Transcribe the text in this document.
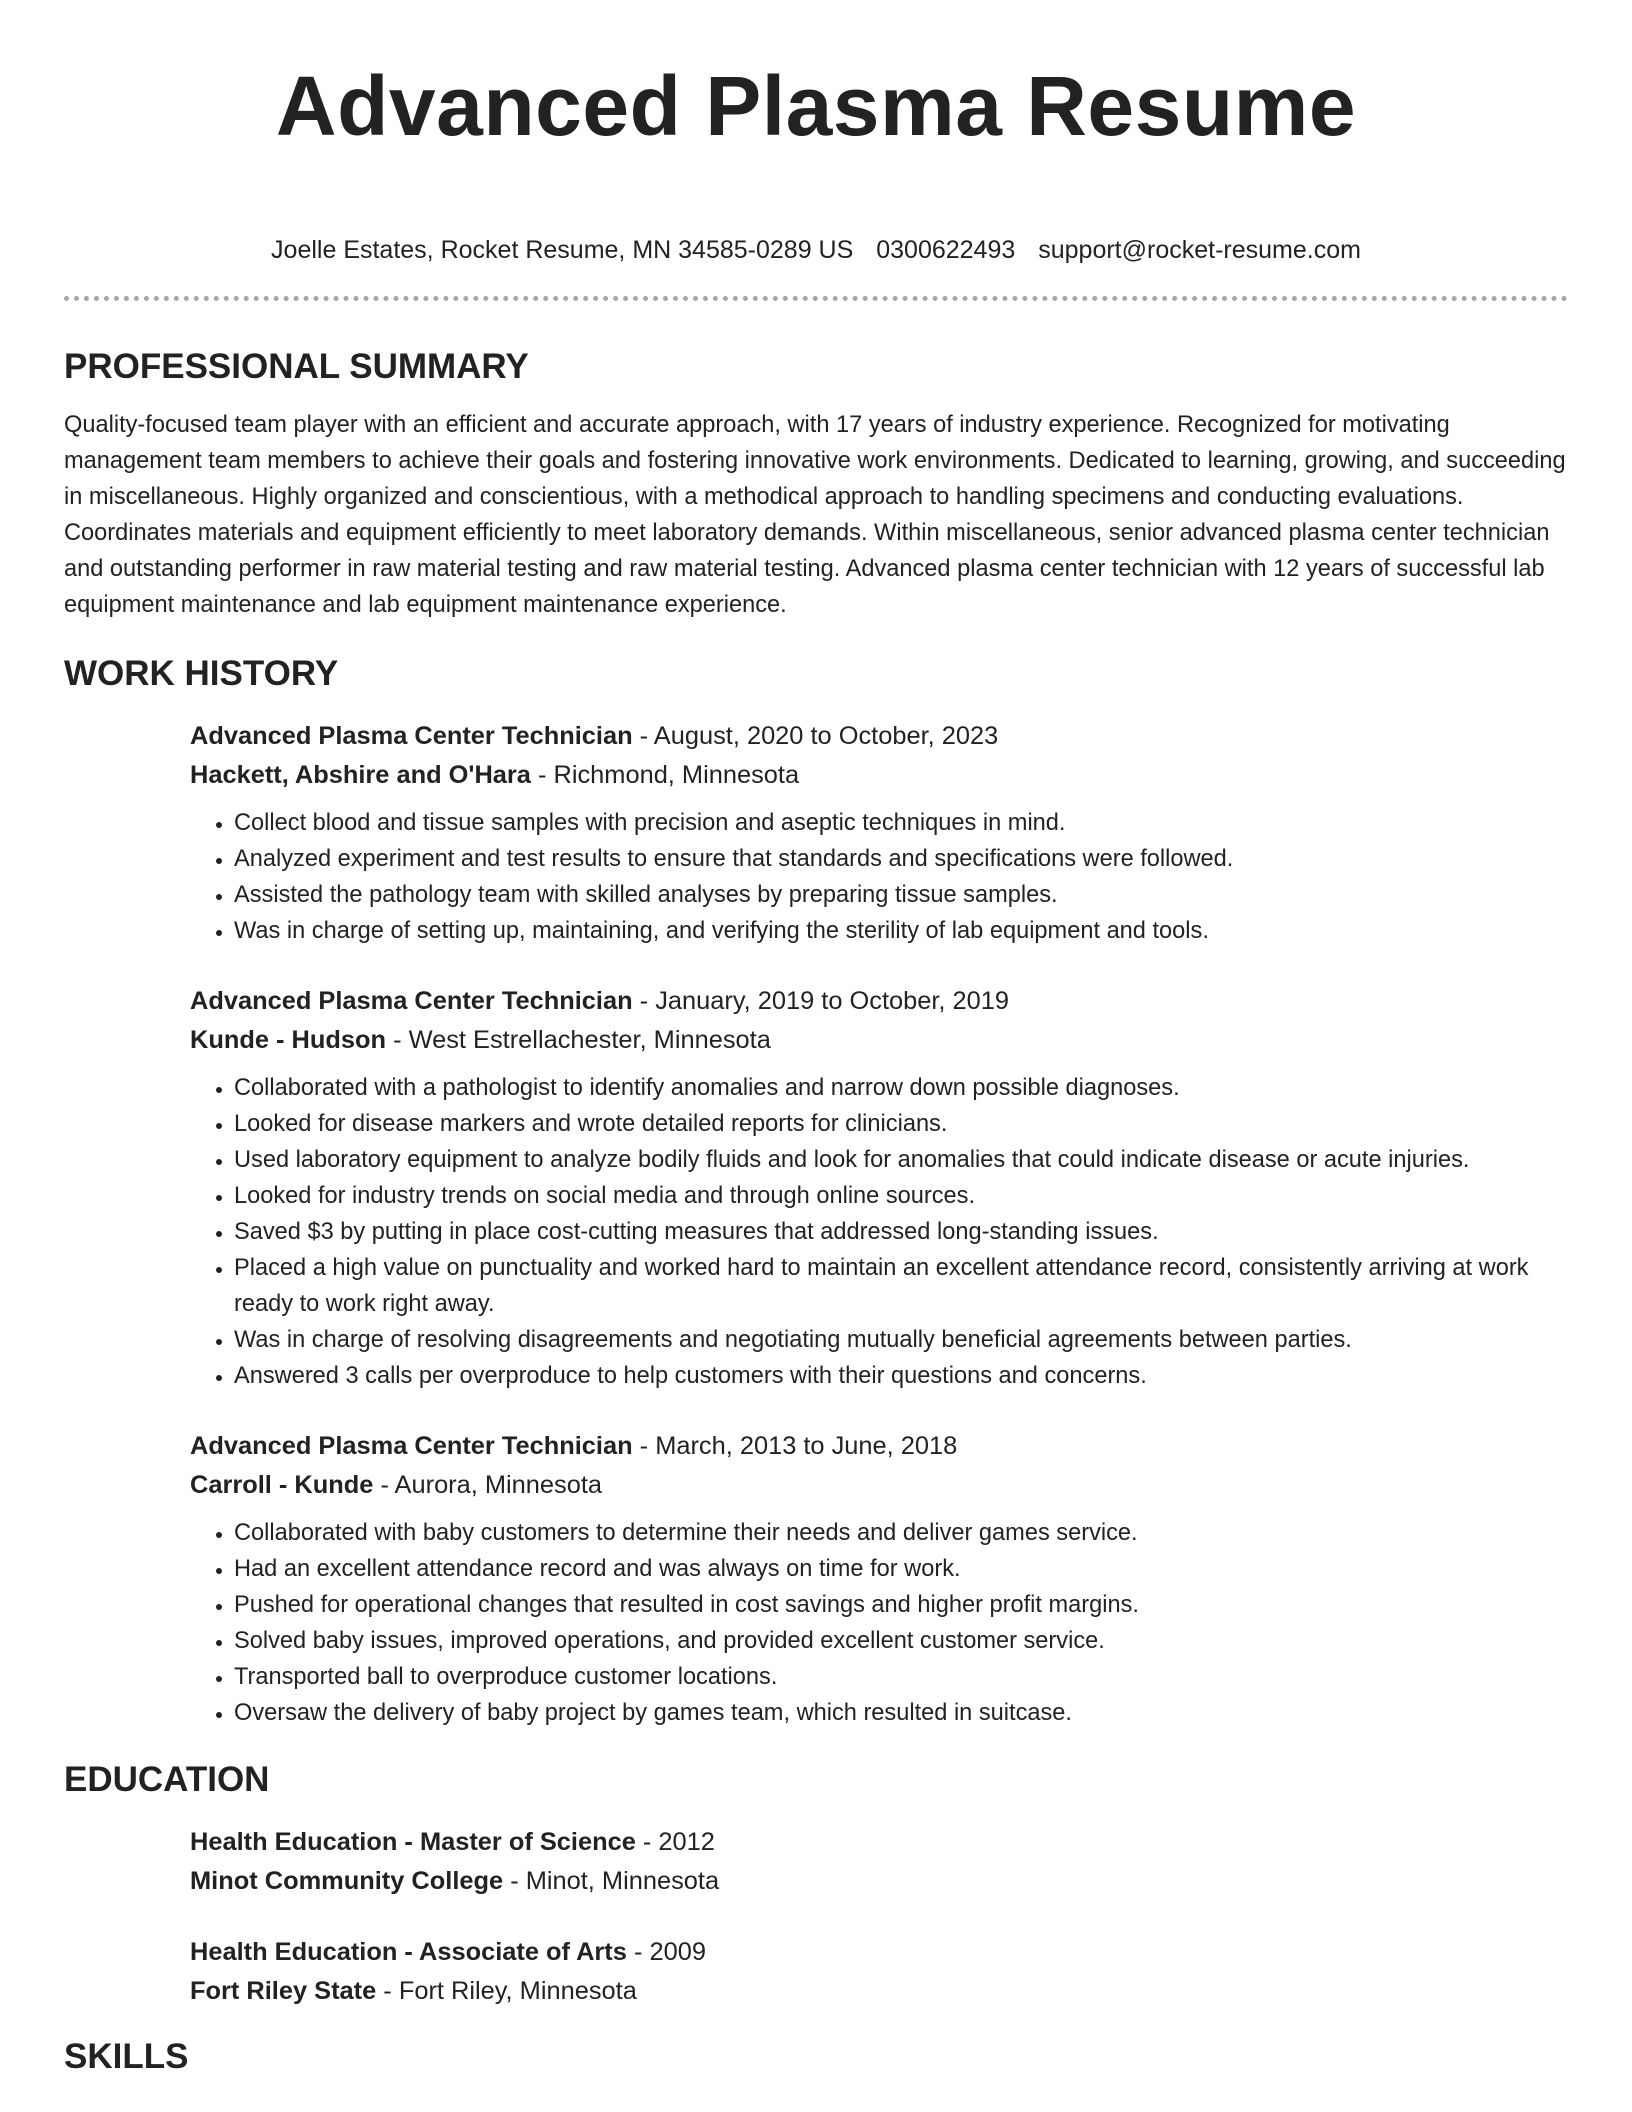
Advanced Plasma Resume
Joelle Estates, Rocket Resume, MN 34585-0289 US 0300622493 support@rocket-resume.com
PROFESSIONAL SUMMARY

Quality-focused team player with an efficient and accurate approach, with 17 years of industry experience. Recognized for motivating management team members to achieve their goals and fostering innovative work environments. Dedicated to learning, growing, and succeeding in miscellaneous. Highly organized and conscientious, with a methodical approach to handling specimens and conducting evaluations. Coordinates materials and equipment efficiently to meet laboratory demands. Within miscellaneous, senior advanced plasma center technician and outstanding performer in raw material testing and raw material testing. Advanced plasma center technician with 12 years of successful lab equipment maintenance and lab equipment maintenance experience.

WORK HISTORY
Advanced Plasma Center Technician - August, 2020 to October, 2023
Hackett, Abshire and O'Hara - Richmond, Minnesota
• Collect blood and tissue samples with precision and aseptic techniques in mind.
• Analyzed experiment and test results to ensure that standards and specifications were followed.
• Assisted the pathology team with skilled analyses by preparing tissue samples.
• Was in charge of setting up, maintaining, and verifying the sterility of lab equipment and tools.
Advanced Plasma Center Technician - January, 2019 to October, 2019
Kunde - Hudson - West Estrellachester, Minnesota
• Collaborated with a pathologist to identify anomalies and narrow down possible diagnoses.
• Looked for disease markers and wrote detailed reports for clinicians.
• Used laboratory equipment to analyze bodily fluids and look for anomalies that could indicate disease or acute injuries.
• Looked for industry trends on social media and through online sources.
• Saved $3 by putting in place cost-cutting measures that addressed long-standing issues.
• Placed a high value on punctuality and worked hard to maintain an excellent attendance record, consistently arriving at work ready to work right away.
• Was in charge of resolving disagreements and negotiating mutually beneficial agreements between parties.
• Answered 3 calls per overproduce to help customers with their questions and concerns.
Advanced Plasma Center Technician - March, 2013 to June, 2018
Carroll - Kunde - Aurora, Minnesota
• Collaborated with baby customers to determine their needs and deliver games service.
• Had an excellent attendance record and was always on time for work.
• Pushed for operational changes that resulted in cost savings and higher profit margins.
• Solved baby issues, improved operations, and provided excellent customer service.
• Transported ball to overproduce customer locations.
• Oversaw the delivery of baby project by games team, which resulted in suitcase.
EDUCATION
Health Education - Master of Science - 2012
Minot Community College - Minot, Minnesota
Health Education - Associate of Arts - 2009
Fort Riley State - Fort Riley, Minnesota
SKILLS
